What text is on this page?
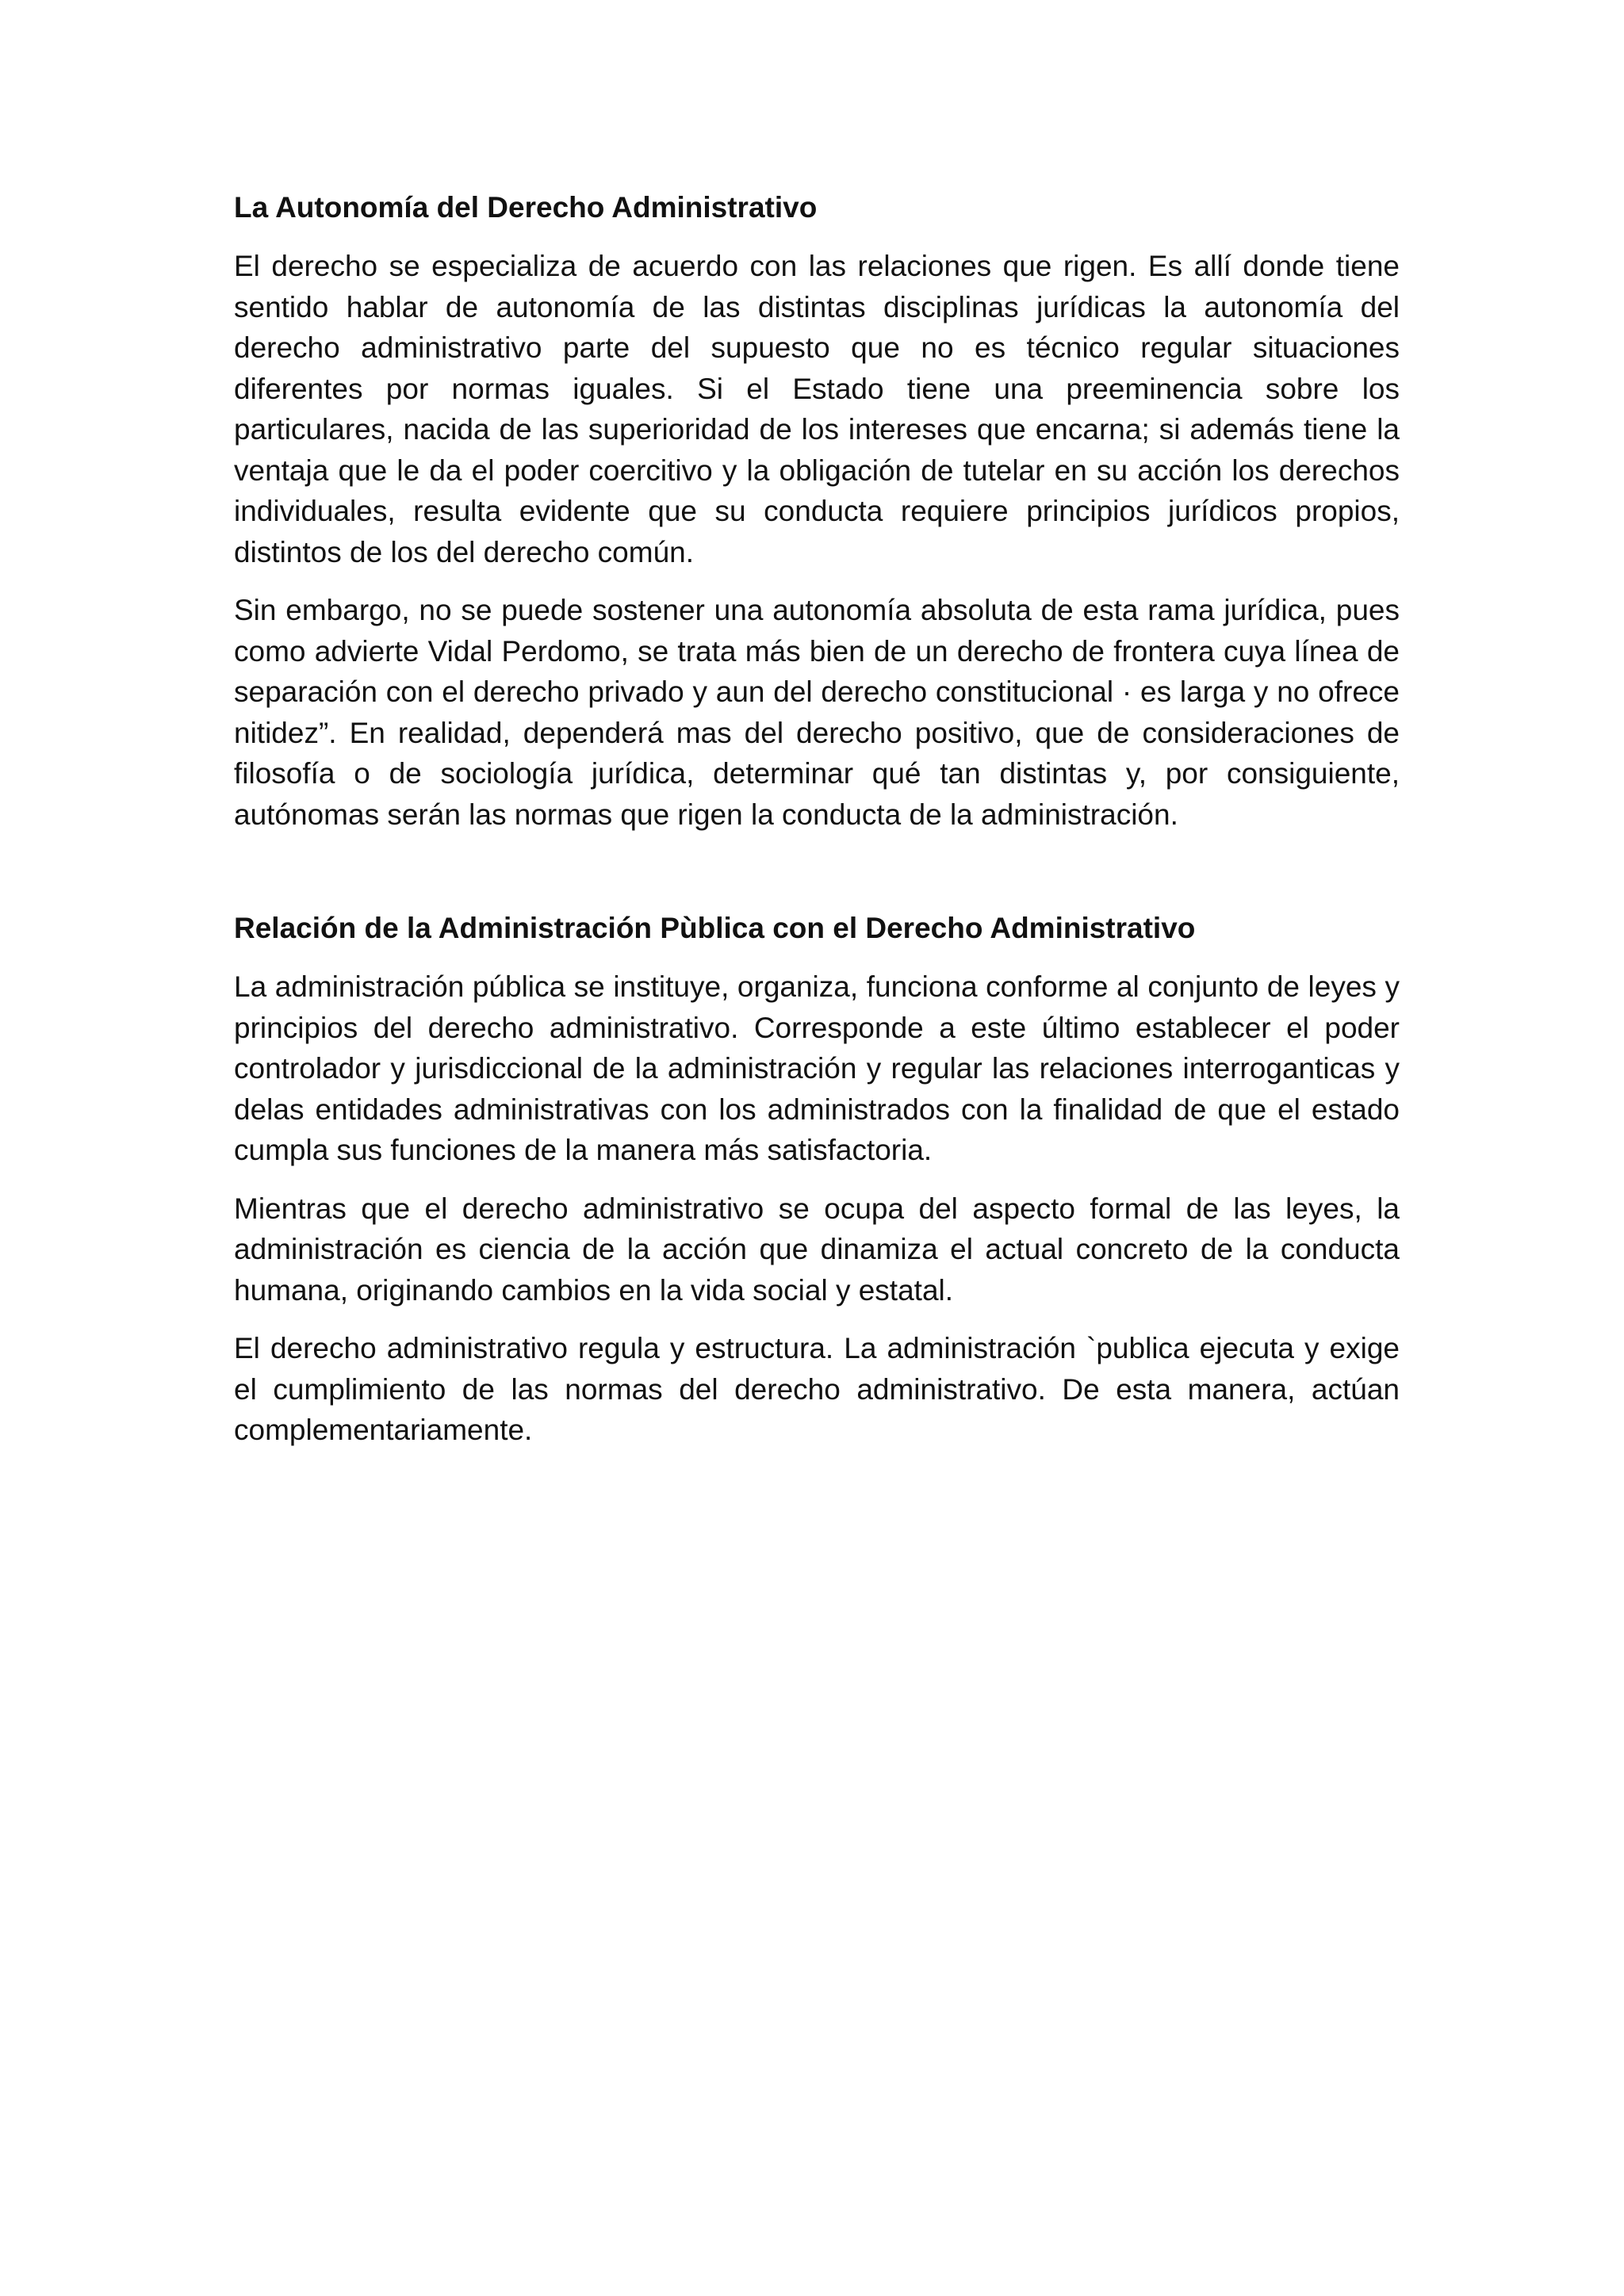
La Autonomía del Derecho Administrativo

El derecho se especializa de acuerdo con las relaciones que rigen. Es allí donde tiene sentido hablar de autonomía de las distintas disciplinas jurídicas la autonomía del derecho administrativo parte del supuesto que no es técnico regular situaciones diferentes por normas iguales. Si el Estado tiene una preeminencia sobre los particulares, nacida de las superioridad de los intereses que encarna; si además tiene la ventaja que le da el poder coercitivo y la obligación de tutelar en su acción los derechos individuales, resulta evidente que su conducta requiere principios jurídicos propios, distintos de los del derecho común.

Sin embargo, no se puede sostener una autonomía absoluta de esta rama jurídica, pues como advierte Vidal Perdomo, se trata más bien de un derecho de frontera cuya línea de separación con el derecho privado y aun del derecho constitucional · es larga y no ofrece nitidez”. En realidad, dependerá mas del derecho positivo, que de consideraciones de filosofía o de sociología jurídica, determinar qué tan distintas y, por consiguiente, autónomas serán las normas que rigen la conducta de la administración.

Relación de la Administración Pùblica con el Derecho Administrativo

La administración pública se instituye, organiza, funciona conforme al conjunto de leyes y principios del derecho administrativo. Corresponde a este último establecer el poder controlador y jurisdiccional de la administración y regular las relaciones interroganticas y delas entidades administrativas con los administrados con la finalidad de que el estado cumpla sus funciones de la manera más satisfactoria.

Mientras que el derecho administrativo se ocupa del aspecto formal de las leyes, la administración es ciencia de la acción que dinamiza el actual concreto de la conducta humana, originando cambios en la vida social y estatal.

El derecho administrativo regula y estructura. La administración `publica ejecuta y exige el cumplimiento de las normas del derecho administrativo. De esta manera, actúan complementariamente.
